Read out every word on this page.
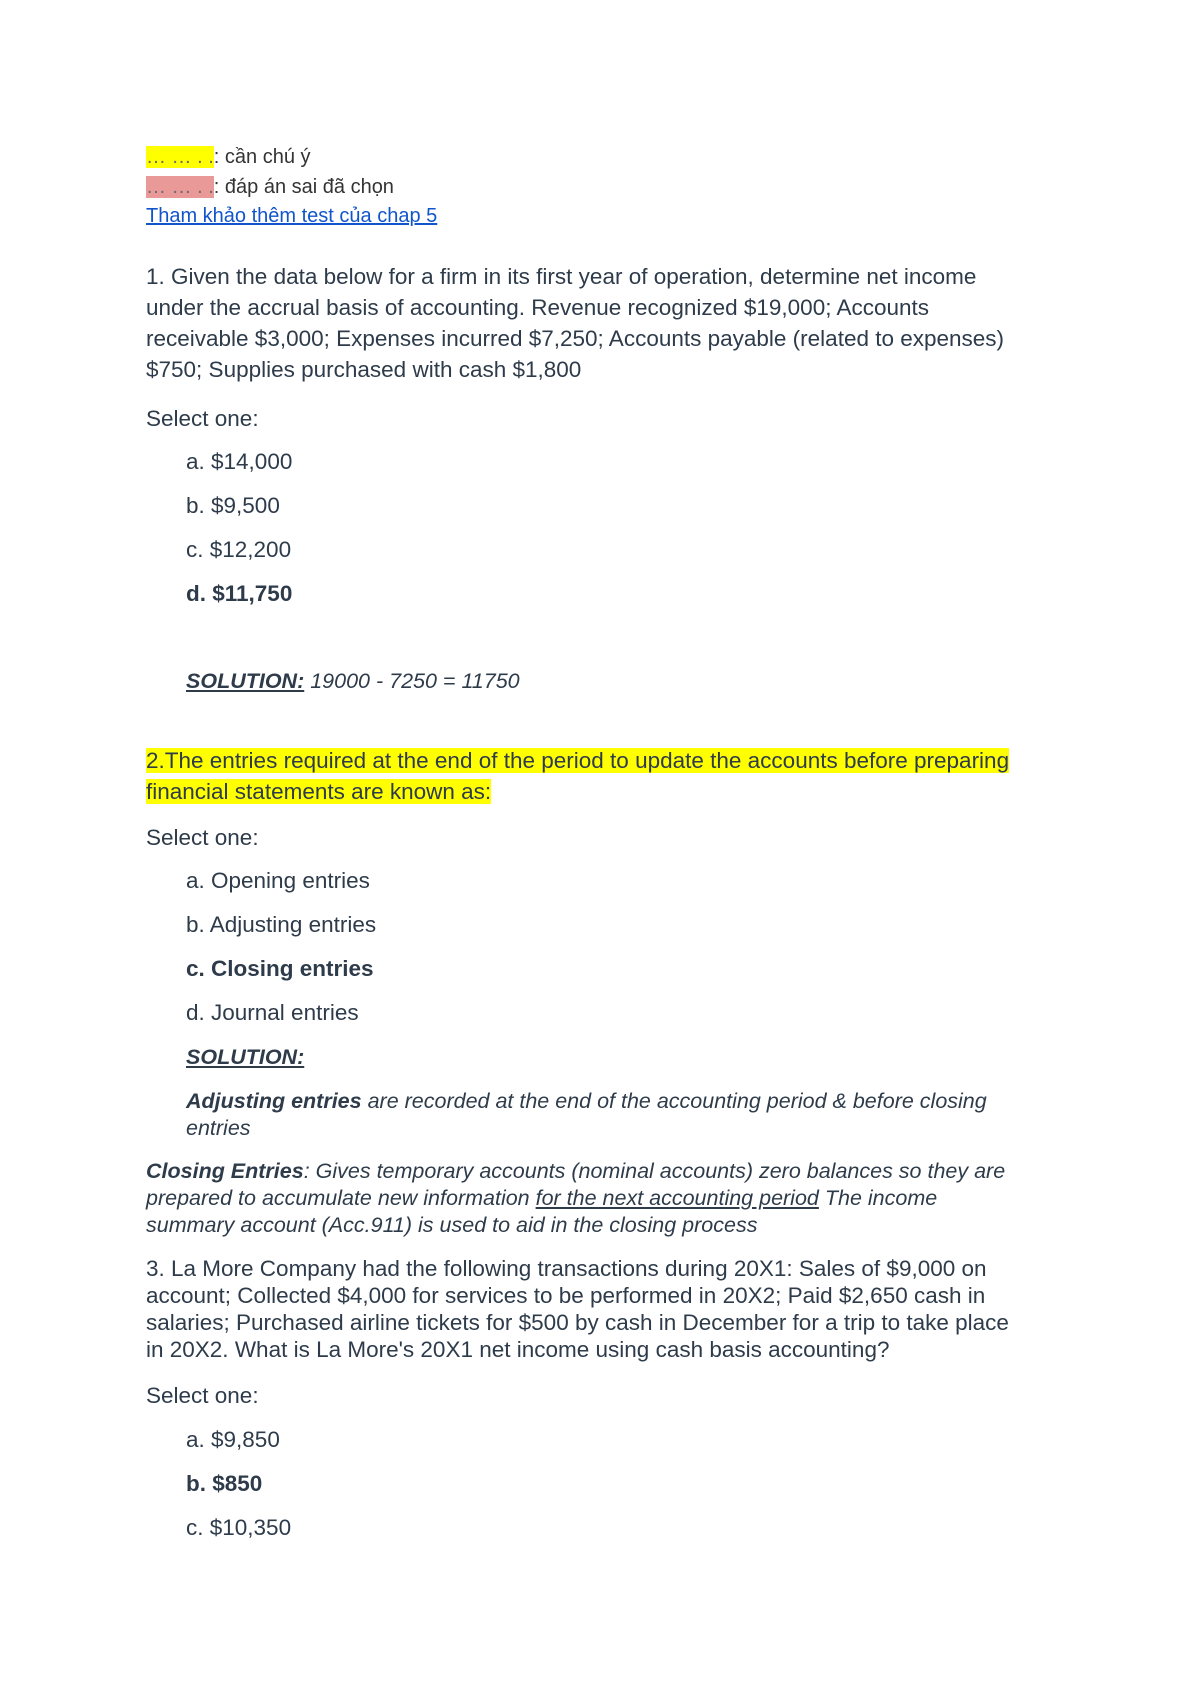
… … . .: cần chú ý
… … . .: đáp án sai đã chọn
Tham khảo thêm test của chap 5
1. Given the data below for a firm in its first year of operation, determine net income
under the accrual basis of accounting. Revenue recognized $19,000; Accounts
receivable $3,000; Expenses incurred $7,250; Accounts payable (related to expenses)
$750; Supplies purchased with cash $1,800
Select one:
a. $14,000
b. $9,500
c. $12,200
d. $11,750
SOLUTION: 19000 - 7250 = 11750
2.The entries required at the end of the period to update the accounts before preparing
financial statements are known as:
Select one:
a. Opening entries
b. Adjusting entries
c. Closing entries
d. Journal entries
SOLUTION:
Adjusting entries are recorded at the end of the accounting period & before closing
entries
Closing Entries: Gives temporary accounts (nominal accounts) zero balances so they are
prepared to accumulate new information for the next accounting period The income
summary account (Acc.911) is used to aid in the closing process
3. La More Company had the following transactions during 20X1: Sales of $9,000 on
account; Collected $4,000 for services to be performed in 20X2; Paid $2,650 cash in
salaries; Purchased airline tickets for $500 by cash in December for a trip to take place
in 20X2. What is La More's 20X1 net income using cash basis accounting?
Select one:
a. $9,850
b. $850
c. $10,350
